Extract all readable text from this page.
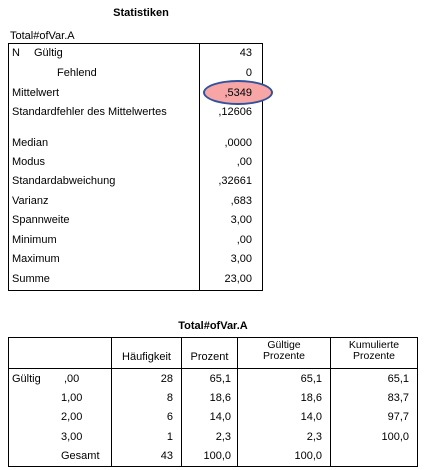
Statistiken
Total#ofVar.A
N Gültig
Fehlend
Mittelwert
Standardfehler des Mittelwertes
Median
Modus
Standardabweichung
Varianz
Spannweite
Minimum
Maximum
Summe
43
0
,5349
,12606
,0000
,00
,32661
,683
3,00
,00
3,00
23,00
Total#ofVar.A
Häufigkeit	Prozent
Gültige Prozente
Kumulierte Prozente
Gültig ,00
1,00
2,00
3,00
Gesamt
28
8
6
1
43
65,1
18,6
14,0
2,3
100,0
65,1
18,6
14,0
2,3
100,0
65,1
83,7
97,7
100,0
